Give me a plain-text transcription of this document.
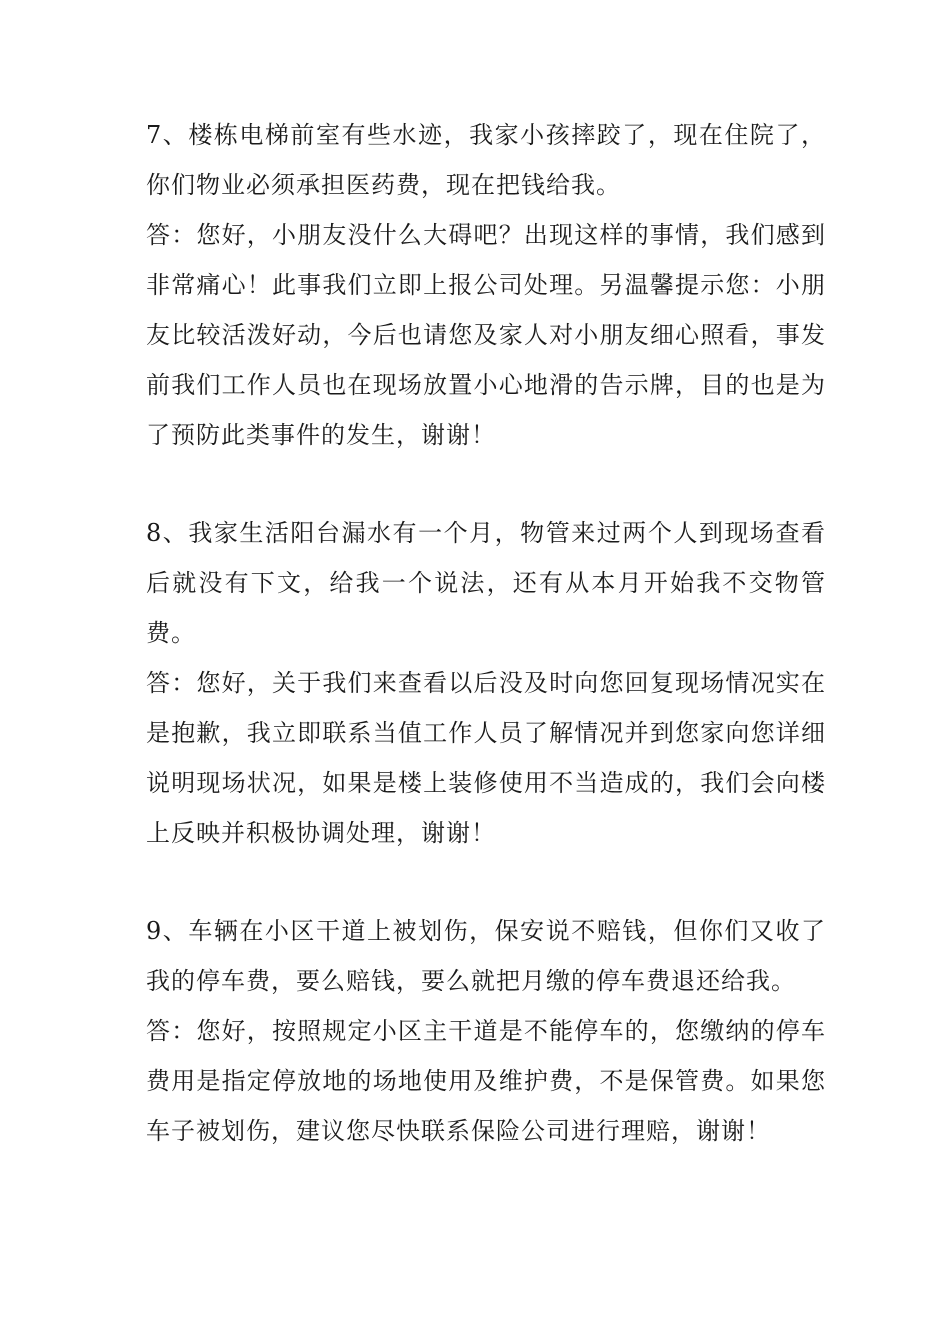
7、楼栋电梯前室有些水迹，我家小孩摔跤了，现在住院了，你们物业必须承担医药费，现在把钱给我。

答：您好，小朋友没什么大碍吧？出现这样的事情，我们感到非常痛心！此事我们立即上报公司处理。另温馨提示您：小朋友比较活泼好动，今后也请您及家人对小朋友细心照看，事发前我们工作人员也在现场放置小心地滑的告示牌，目的也是为了预防此类事件的发生，谢谢！

8、我家生活阳台漏水有一个月，物管来过两个人到现场查看后就没有下文，给我一个说法，还有从本月开始我不交物管费。

答：您好，关于我们来查看以后没及时向您回复现场情况实在是抱歉，我立即联系当值工作人员了解情况并到您家向您详细说明现场状况，如果是楼上装修使用不当造成的，我们会向楼上反映并积极协调处理，谢谢！

9、车辆在小区干道上被划伤，保安说不赔钱，但你们又收了我的停车费，要么赔钱，要么就把月缴的停车费退还给我。

答：您好，按照规定小区主干道是不能停车的，您缴纳的停车费用是指定停放地的场地使用及维护费，不是保管费。如果您车子被划伤，建议您尽快联系保险公司进行理赔，谢谢！
